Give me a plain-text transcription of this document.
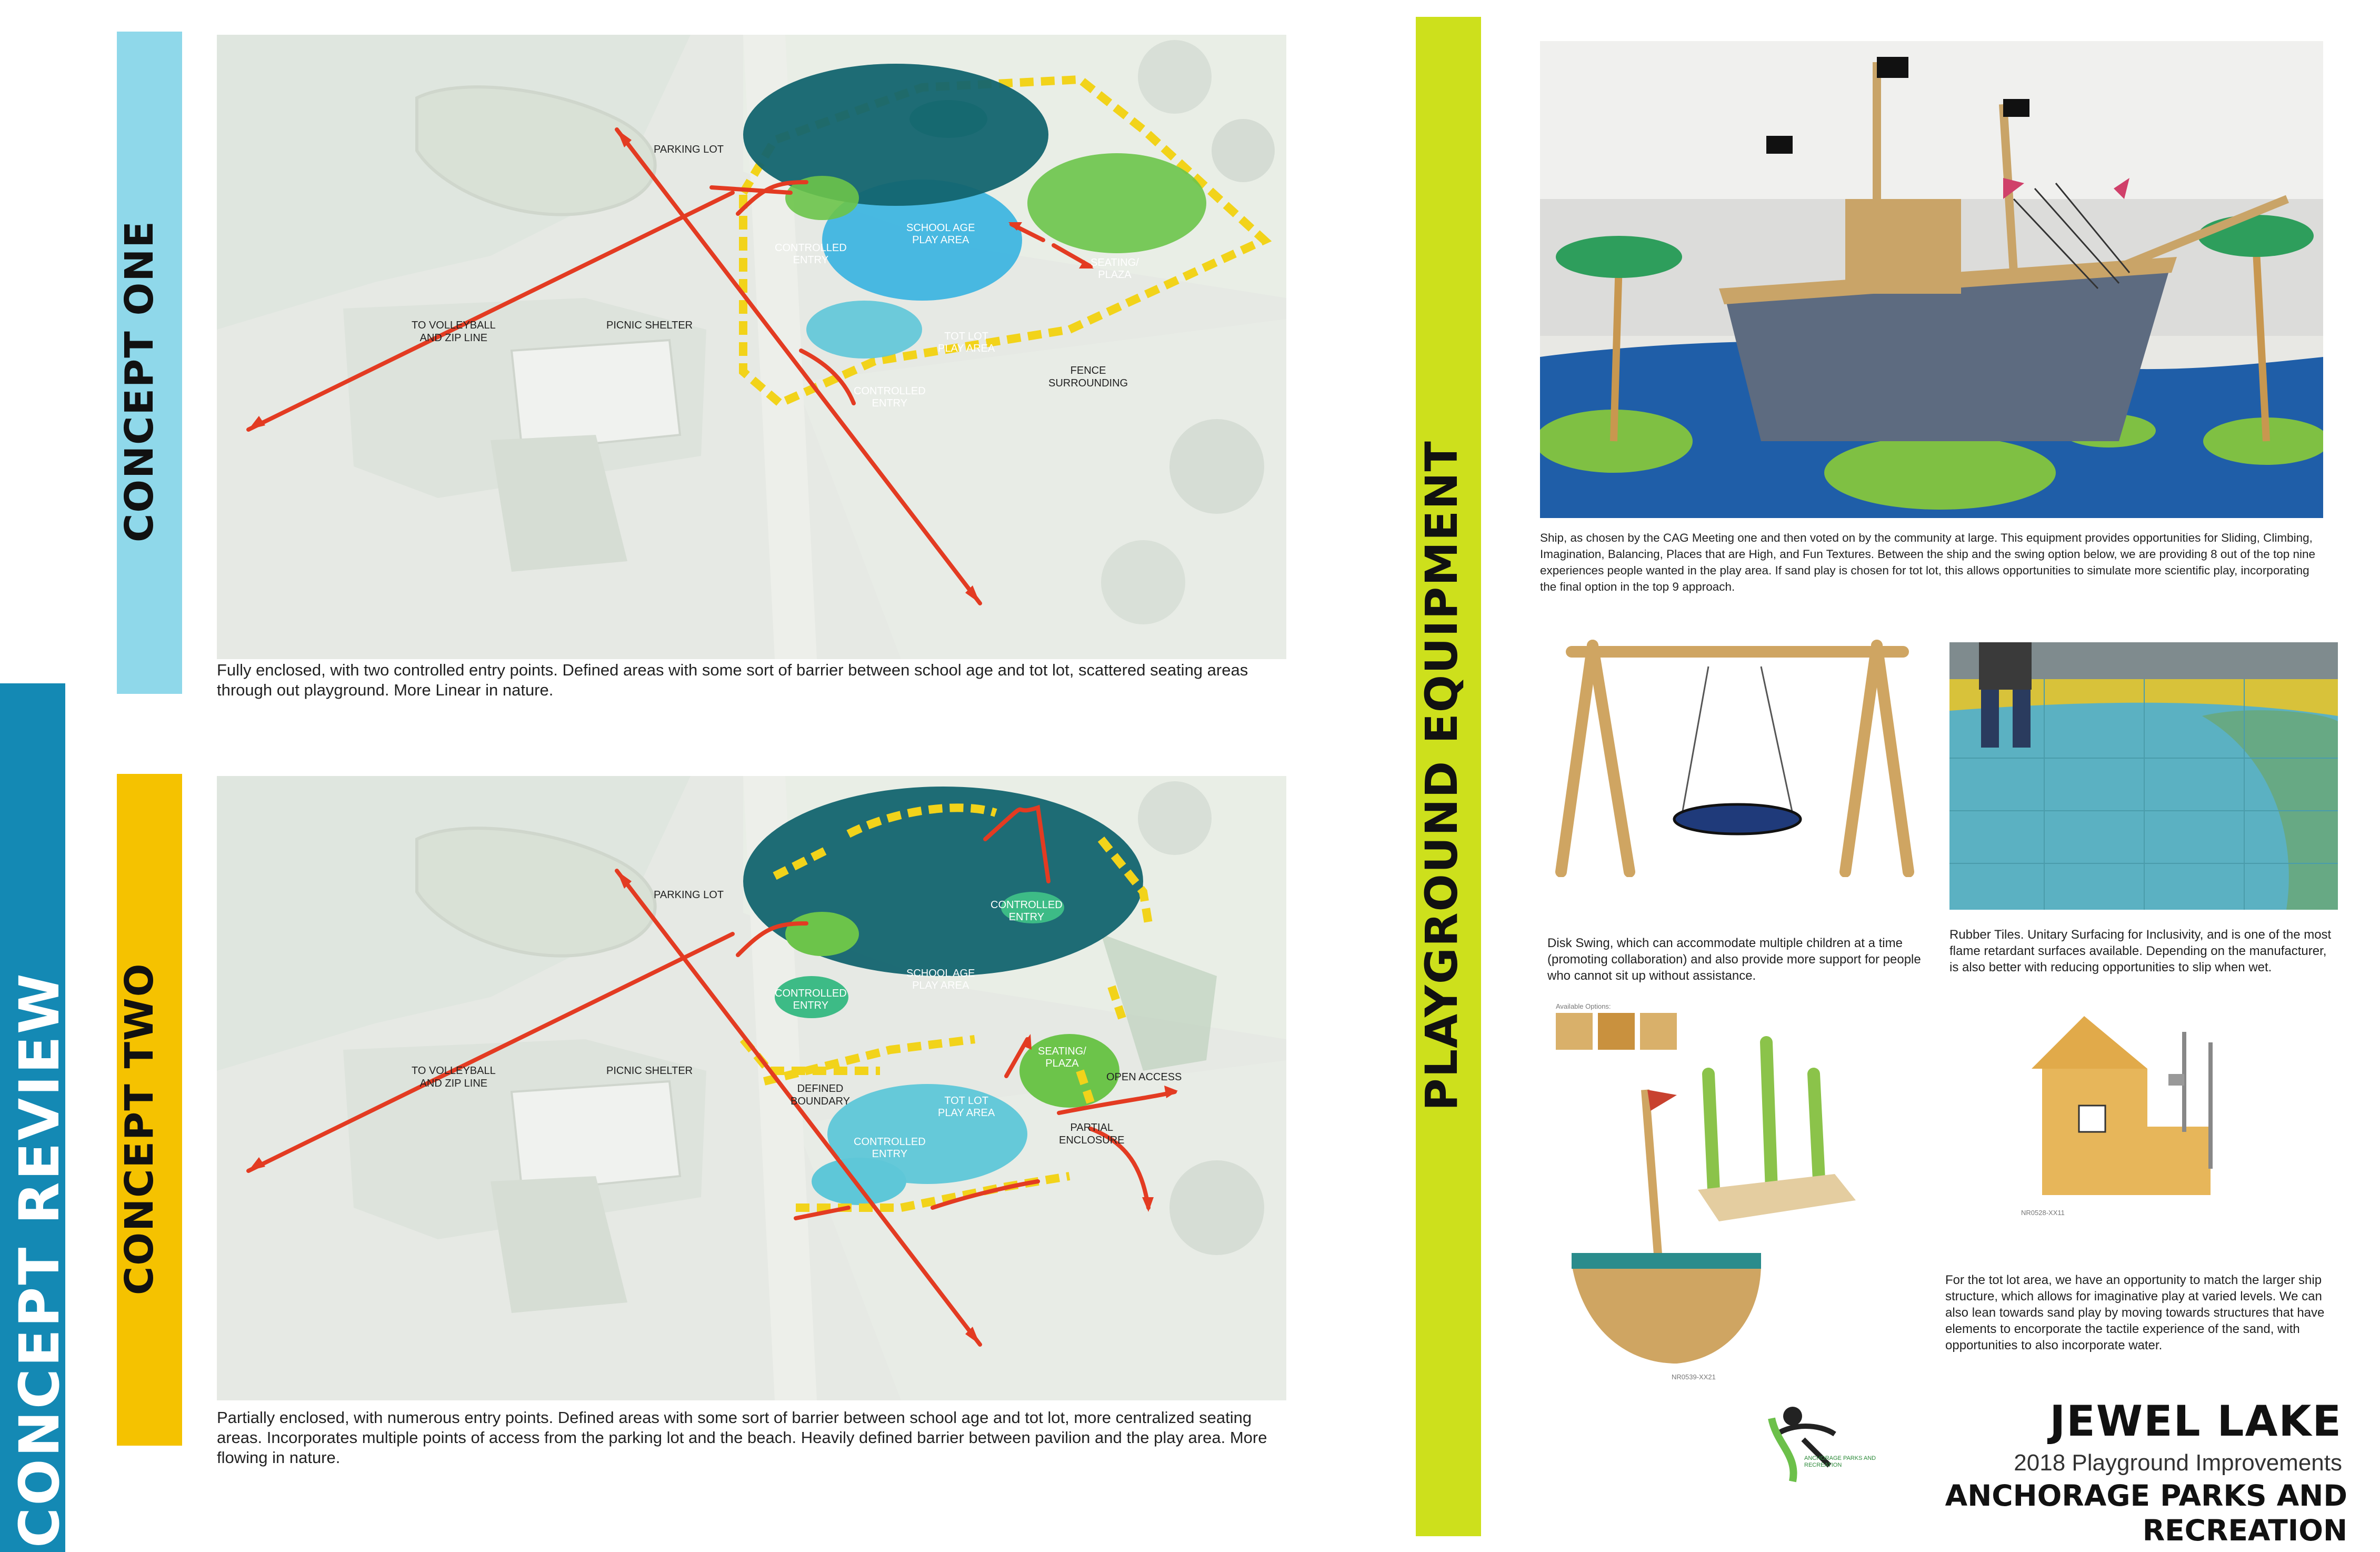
CONCEPT REVIEW
CONCEPT ONE
PARKING LOT
SCHOOL AGE
PLAY AREA
CONTROLLED
ENTRY	SEATING/
PLAZA
TO VOLLEYBALL
AND ZIP LINE
PICNIC SHELTER
TOT LOT
PLAY AREA
FENCE
SURROUNDING
CONTROLLED
ENTRY
Fully enclosed, with two controlled entry points. Defined areas with some sort of barrier between school age and tot lot, scattered seating areas through out playground. More Linear in nature.
CONCEPT TWO
PARKING LOT
CONTROLLED
ENTRY
SCHOOL AGE
PLAY AREA
CONTROLLED
ENTRY
TO VOLLEYBALL
AND ZIP LINE
PICNIC SHELTER
SEATING/
PLAZA
OPEN ACCESS
DEFINED
BOUNDARY	TOT LOT
PLAY AREA
PARTIAL
ENCLOSURE
CONTROLLED
ENTRY
Partially enclosed, with numerous entry points. Defined areas with some sort of barrier between school age and tot lot, more centralized seating areas. Incorporates multiple points of access from the parking lot and the beach. Heavily defined barrier between pavilion and the play area. More flowing in nature.
PLAYGROUND EQUIPMENT	Ship, as chosen by the CAG Meeting one and then voted on by the community at large. This equipment provides opportunities for Sliding, Climbing, Imagination, Balancing, Places that are High, and Fun Textures. Between the ship and the swing option below, we are providing 8 out of the top nine experiences people wanted in the play area. If sand play is chosen for tot lot, this allows opportunities to simulate more scientific play, incorporating the final option in the top 9 approach.
Disk Swing, which can accommodate multiple children at a time (promoting collaboration) and also provide more support for people who cannot sit up without assistance.
Rubber Tiles. Unitary Surfacing for Inclusivity, and is one of the most flame retardant surfaces available. Depending on the manufacturer, is also better with reducing opportunities to slip when wet.
Available Options:
NR0539-XX21
NR0528-XX11
For the tot lot area, we have an opportunity to match the larger ship structure, which allows for imaginative play at varied levels. We can also lean towards sand play by moving towards structures that have elements to encorporate the tactile experience of the sand, with opportunities to also incorporate water.
ANCHORAGE PARKS AND RECREATION
JEWEL LAKE
2018 Playground Improvements
ANCHORAGE PARKS AND RECREATION
